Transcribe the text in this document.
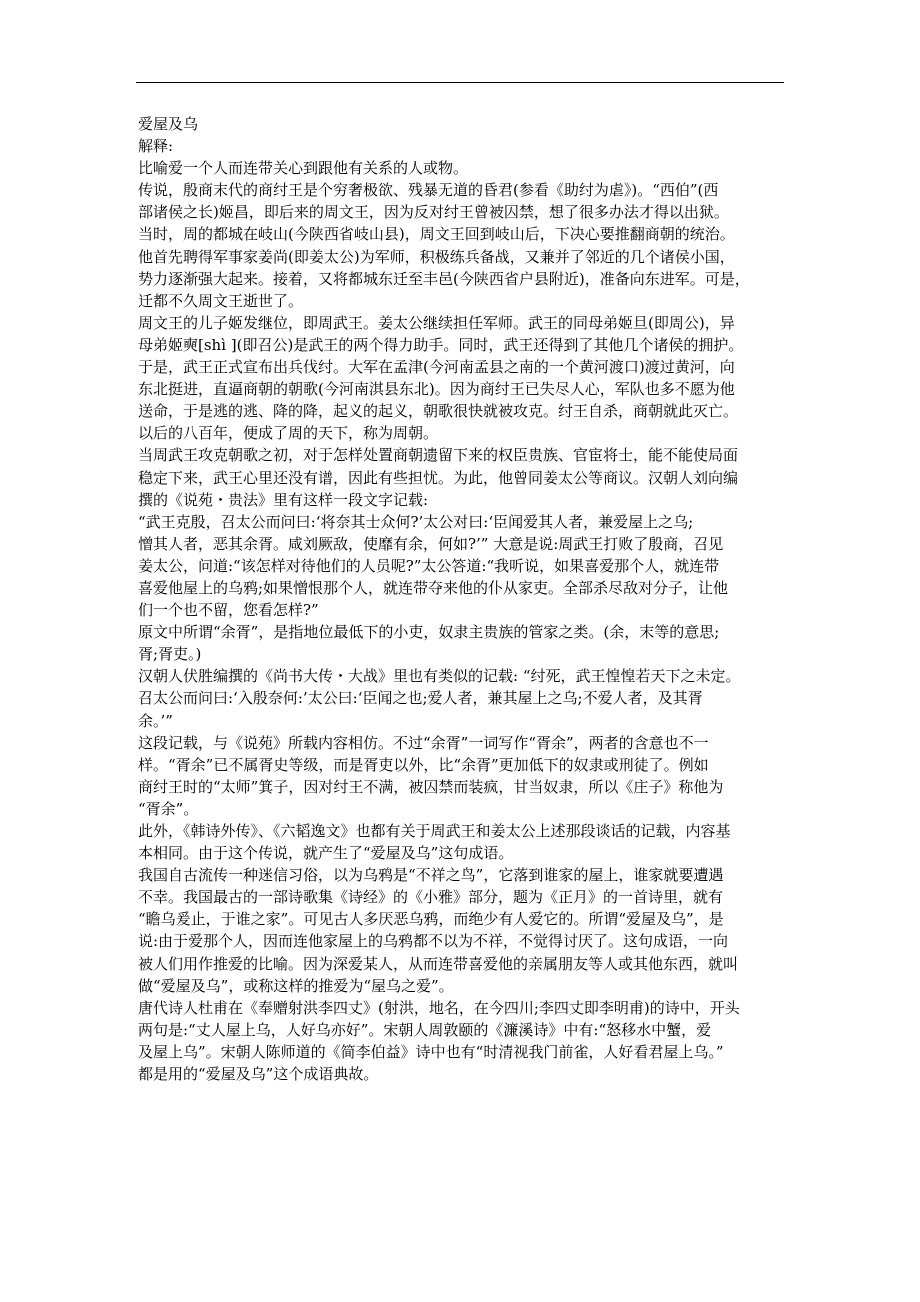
爱屋及乌
解释:
比喻爱一个人而连带关心到跟他有关系的人或物。
传说，殷商末代的商纣王是个穷奢极欲、残暴无道的昏君(参看《助纣为虐》)。“西伯”(西
部诸侯之长)姬昌，即后来的周文王，因为反对纣王曾被囚禁，想了很多办法才得以出狱。
当时，周的都城在岐山(今陕西省岐山县)，周文王回到岐山后，下决心要推翻商朝的统治。
他首先聘得军事家姜尚(即姜太公)为军师，积极练兵备战，又兼并了邻近的几个诸侯小国，
势力逐渐强大起来。接着，又将都城东迁至丰邑(今陕西省户县附近)，准备向东进军。可是，
迁都不久周文王逝世了。
周文王的儿子姬发继位，即周武王。姜太公继续担任军师。武王的同母弟姬旦(即周公)，异
母弟姬奭[shì ](即召公)是武王的两个得力助手。同时，武王还得到了其他几个诸侯的拥护。
于是，武王正式宣布出兵伐纣。大军在孟津(今河南孟县之南的一个黄河渡口)渡过黄河，向
东北挺进，直逼商朝的朝歌(今河南淇县东北)。因为商纣王已失尽人心，军队也多不愿为他
送命，于是逃的逃、降的降，起义的起义，朝歌很快就被攻克。纣王自杀，商朝就此灭亡。
以后的八百年，便成了周的天下，称为周朝。
当周武王攻克朝歌之初，对于怎样处置商朝遗留下来的权臣贵族、官宦将士，能不能使局面
稳定下来，武王心里还没有谱，因此有些担忧。为此，他曾同姜太公等商议。汉朝人刘向编
撰的《说苑・贵法》里有这样一段文字记载:
“武王克殷，召太公而问曰:‘将奈其士众何?’太公对曰:‘臣闻爱其人者，兼爱屋上之乌;
憎其人者，恶其余胥。咸刘厥敌，使靡有余，何如?’” 大意是说:周武王打败了殷商，召见
姜太公，问道:“该怎样对待他们的人员呢?”太公答道:“我听说，如果喜爱那个人，就连带
喜爱他屋上的乌鸦;如果憎恨那个人，就连带夺来他的仆从家吏。全部杀尽敌对分子，让他
们一个也不留，您看怎样?”
原文中所谓“余胥”，是指地位最低下的小吏，奴隶主贵族的管家之类。(余，末等的意思;
胥;胥吏。)
汉朝人伏胜编撰的《尚书大传・大战》里也有类似的记载: “纣死，武王惶惶若天下之未定。
召太公而问曰:‘入殷奈何:’太公曰:‘臣闻之也;爱人者，兼其屋上之乌;不爱人者，及其胥
余。’”
这段记载，与《说苑》所载内容相仿。不过“余胥”一词写作“胥余”，两者的含意也不一
样。“胥余”已不属胥史等级，而是胥吏以外，比“余胥”更加低下的奴隶或刑徒了。例如
商纣王时的“太师”箕子，因对纣王不满，被囚禁而装疯，甘当奴隶，所以《庄子》称他为
“胥余”。
此外，《韩诗外传》、《六韬逸文》也都有关于周武王和姜太公上述那段谈话的记载，内容基
本相同。由于这个传说，就产生了“爱屋及乌”这句成语。
我国自古流传一种迷信习俗，以为乌鸦是“不祥之鸟”，它落到谁家的屋上，谁家就要遭遇
不幸。我国最古的一部诗歌集《诗经》的《小雅》部分，题为《正月》的一首诗里，就有
“瞻乌爰止，于谁之家”。可见古人多厌恶乌鸦，而绝少有人爱它的。所谓“爱屋及乌”，是
说:由于爱那个人，因而连他家屋上的乌鸦都不以为不祥，不觉得讨厌了。这句成语，一向
被人们用作推爱的比喻。因为深爱某人，从而连带喜爱他的亲属朋友等人或其他东西，就叫
做“爱屋及乌”，或称这样的推爱为“屋乌之爱”。
唐代诗人杜甫在《奉赠射洪李四丈》(射洪，地名，在今四川;李四丈即李明甫)的诗中，开头
两句是:“丈人屋上乌，人好乌亦好”。宋朝人周敦颐的《濂溪诗》中有:“怒移水中蟹，爱
及屋上乌”。宋朝人陈师道的《简李伯益》诗中也有“时清视我门前雀，人好看君屋上乌。”
都是用的“爱屋及乌”这个成语典故。
